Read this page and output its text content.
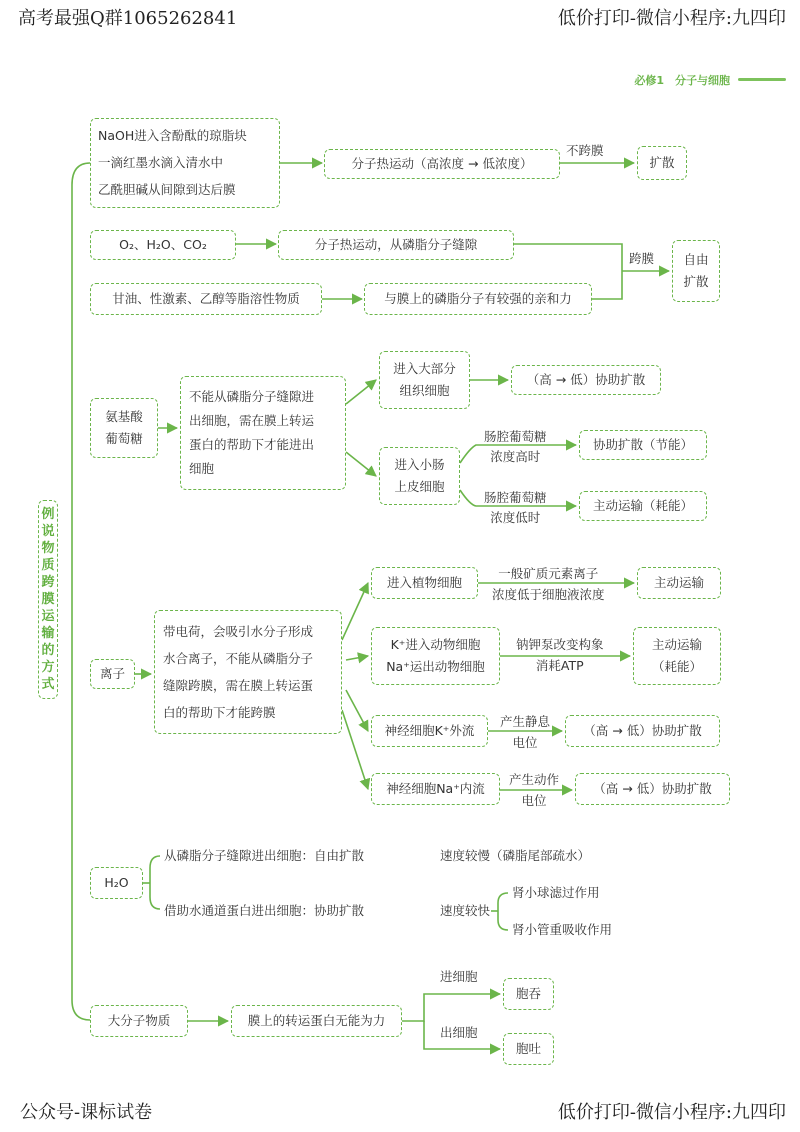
高考最强Q群1065262841	低价打印-微信小程序:九四印
公众号-课标试卷	低价打印-微信小程序:九四印
必修1　分子与细胞
例说物质跨膜运输的方式
NaOH进入含酚酞的琼脂块
一滴红墨水滴入清水中
乙酰胆碱从间隙到达后膜
分子热运动（高浓度 → 低浓度）
不跨膜
扩散
O₂、H₂O、CO₂	分子热运动，从磷脂分子缝隙
甘油、性激素、乙醇等脂溶性物质	与膜上的磷脂分子有较强的亲和力
跨膜 自由
扩散
氨基酸
葡萄糖
不能从磷脂分子缝隙进
出细胞，需在膜上转运
蛋白的帮助下才能进出
细胞
进入大部分
组织细胞
（高 → 低）协助扩散
进入小肠
上皮细胞
肠腔葡萄糖
浓度高时
协助扩散（节能）
肠腔葡萄糖
浓度低时
主动运输（耗能）
离子
带电荷，会吸引水分子形成
水合离子，不能从磷脂分子
缝隙跨膜，需在膜上转运蛋
白的帮助下才能跨膜
进入植物细胞
一般矿质元素离子
浓度低于细胞液浓度
主动运输
K⁺进入动物细胞
Na⁺运出动物细胞
钠钾泵改变构象
消耗ATP
主动运输
（耗能）
神经细胞K⁺外流
产生静息
电位
（高 → 低）协助扩散
神经细胞Na⁺内流
产生动作
电位
（高 → 低）协助扩散
H₂O
从磷脂分子缝隙进出细胞：自由扩散	速度较慢（磷脂尾部疏水）
借助水通道蛋白进出细胞：协助扩散	速度较快
肾小球滤过作用
肾小管重吸收作用
大分子物质	膜上的转运蛋白无能为力
进细胞
胞吞
出细胞
胞吐
